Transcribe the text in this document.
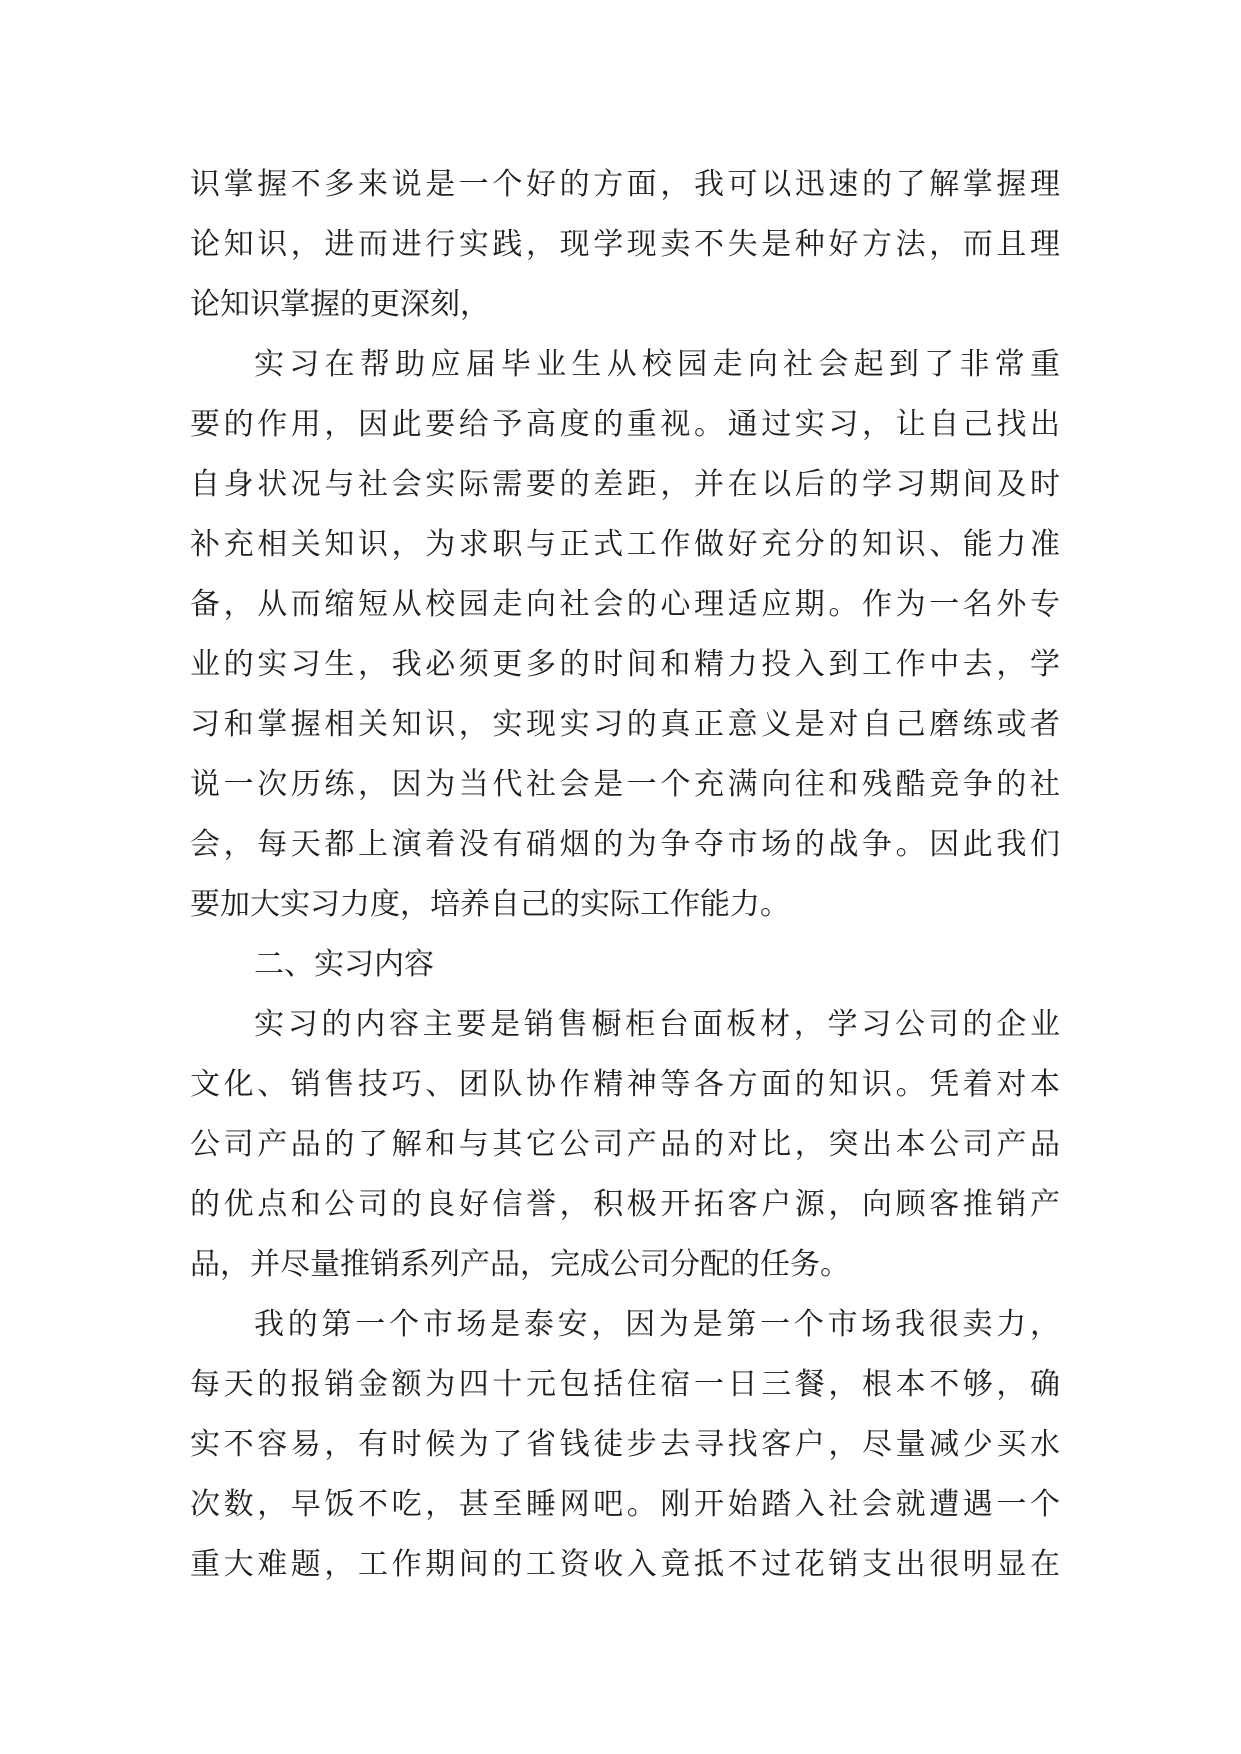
识掌握不多来说是一个好的方面，我可以迅速的了解掌握理
论知识，进而进行实践，现学现卖不失是种好方法，而且理
论知识掌握的更深刻，
实习在帮助应届毕业生从校园走向社会起到了非常重
要的作用，因此要给予高度的重视。通过实习，让自己找出
自身状况与社会实际需要的差距，并在以后的学习期间及时
补充相关知识，为求职与正式工作做好充分的知识、能力准
备，从而缩短从校园走向社会的心理适应期。作为一名外专
业的实习生，我必须更多的时间和精力投入到工作中去，学
习和掌握相关知识，实现实习的真正意义是对自己磨练或者
说一次历练，因为当代社会是一个充满向往和残酷竞争的社
会，每天都上演着没有硝烟的为争夺市场的战争。因此我们
要加大实习力度，培养自己的实际工作能力。
二、实习内容
实习的内容主要是销售橱柜台面板材，学习公司的企业
文化、销售技巧、团队协作精神等各方面的知识。凭着对本
公司产品的了解和与其它公司产品的对比，突出本公司产品
的优点和公司的良好信誉，积极开拓客户源，向顾客推销产
品，并尽量推销系列产品，完成公司分配的任务。
我的第一个市场是泰安，因为是第一个市场我很卖力，
每天的报销金额为四十元包括住宿一日三餐，根本不够，确
实不容易，有时候为了省钱徒步去寻找客户，尽量减少买水
次数，早饭不吃，甚至睡网吧。刚开始踏入社会就遭遇一个
重大难题，工作期间的工资收入竟抵不过花销支出很明显在
